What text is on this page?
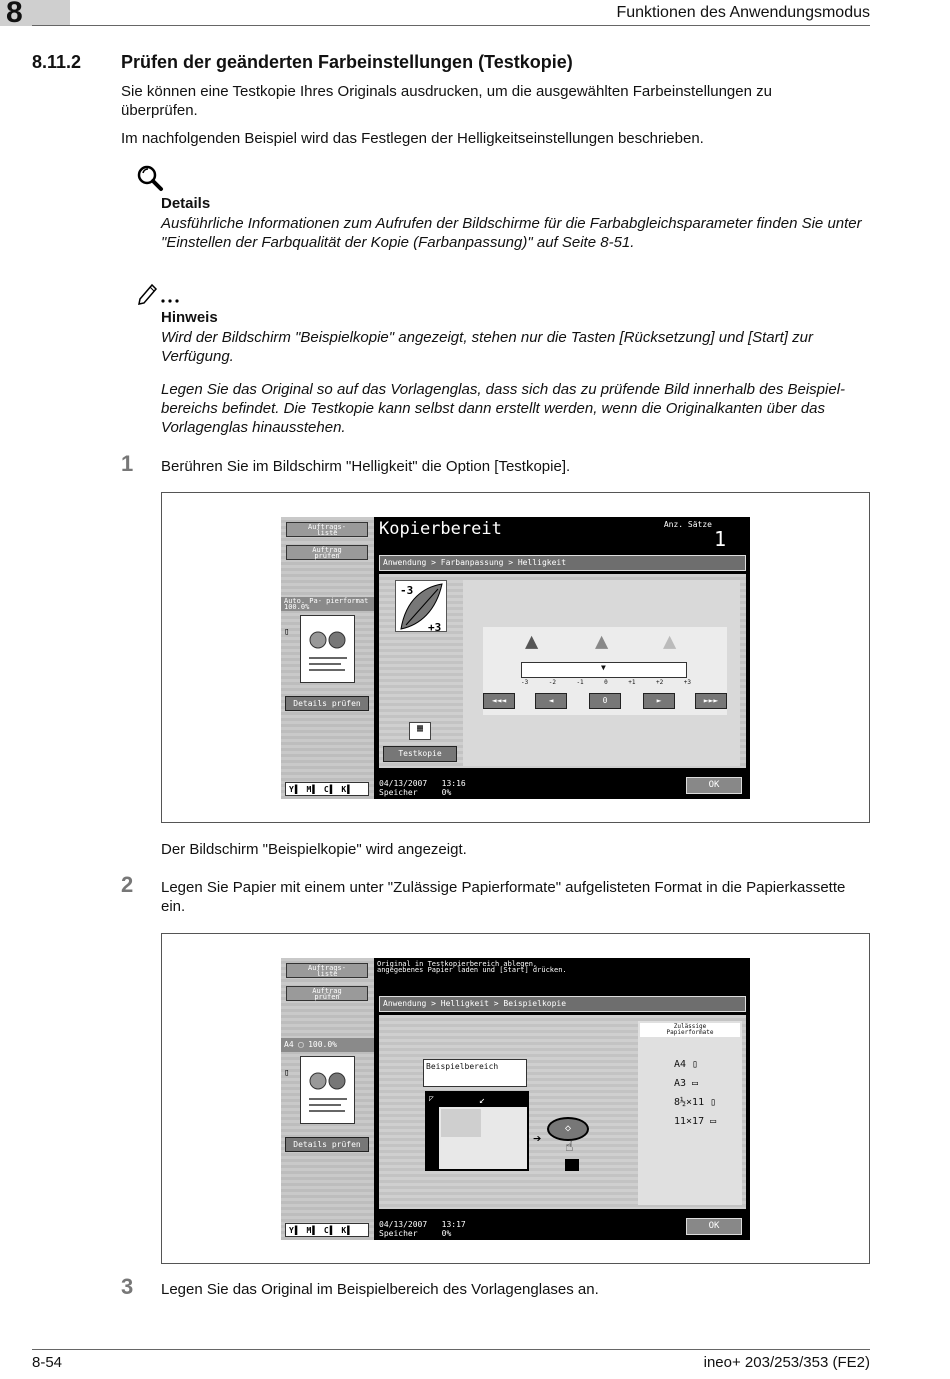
8	Funktionen des Anwendungsmodus
8.11.2 Prüfen der geänderten Farbeinstellungen (Testkopie)
Sie können eine Testkopie Ihres Originals ausdrucken, um die ausgewählten Farbeinstellungen zu überprüfen.
Im nachfolgenden Beispiel wird das Festlegen der Helligkeitseinstellungen beschrieben.
Details
Ausführliche Informationen zum Aufrufen der Bildschirme für die Farbabgleichsparameter finden Sie unter "Einstellen der Farbqualität der Kopie (Farbanpassung)" auf Seite 8-51.
Hinweis
Wird der Bildschirm "Beispielkopie" angezeigt, stehen nur die Tasten [Rücksetzung] und [Start] zur Verfügung.
Legen Sie das Original so auf das Vorlagenglas, dass sich das zu prüfende Bild innerhalb des Beispiel-bereichs befindet. Die Testkopie kann selbst dann erstellt werden, wenn die Originalkanten über das Vorlagenglas hinausstehen.
1 Berühren Sie im Bildschirm "Helligkeit" die Option [Testkopie].
Auftrags-
liste
Auftrag
prüfen
Auto. Pa- pierformat 100.0%
▯
Details prüfen
Y▌ M▌ C▌ K▌
Kopierbereit	Anz. Sätze
1
Anwendung > Farbanpassung > Helligkeit
-3
+3
▲	▲ ▲
▼
-3	-2	-1	0	+1	+2	+3
◄◄◄	◄	0	►	►►►
▦
Testkopie
04/13/2007 13:16
Speicher	0%
OK
Der Bildschirm "Beispielkopie" wird angezeigt.
2 Legen Sie Papier mit einem unter "Zulässige Papierformate" aufgelisteten Format in die Papierkassette ein.
Auftrags-
liste
Auftrag
prüfen
A4 ▢ 100.0%
▯
Details prüfen
Y▌ M▌ C▌ K▌
Original in Testkopierbereich ablegen,
angegebenes Papier laden und [Start] drücken.
Anwendung > Helligkeit > Beispielkopie
Beispielbereich
◸	↙
➔
◇
☝
Zulässige
Papierformate
A4 ▯
A3 ▭
8½×11 ▯
11×17 ▭
04/13/2007 13:17
Speicher	0%
OK
3 Legen Sie das Original im Beispielbereich des Vorlagenglases an.
8-54	ineo+ 203/253/353 (FE2)
